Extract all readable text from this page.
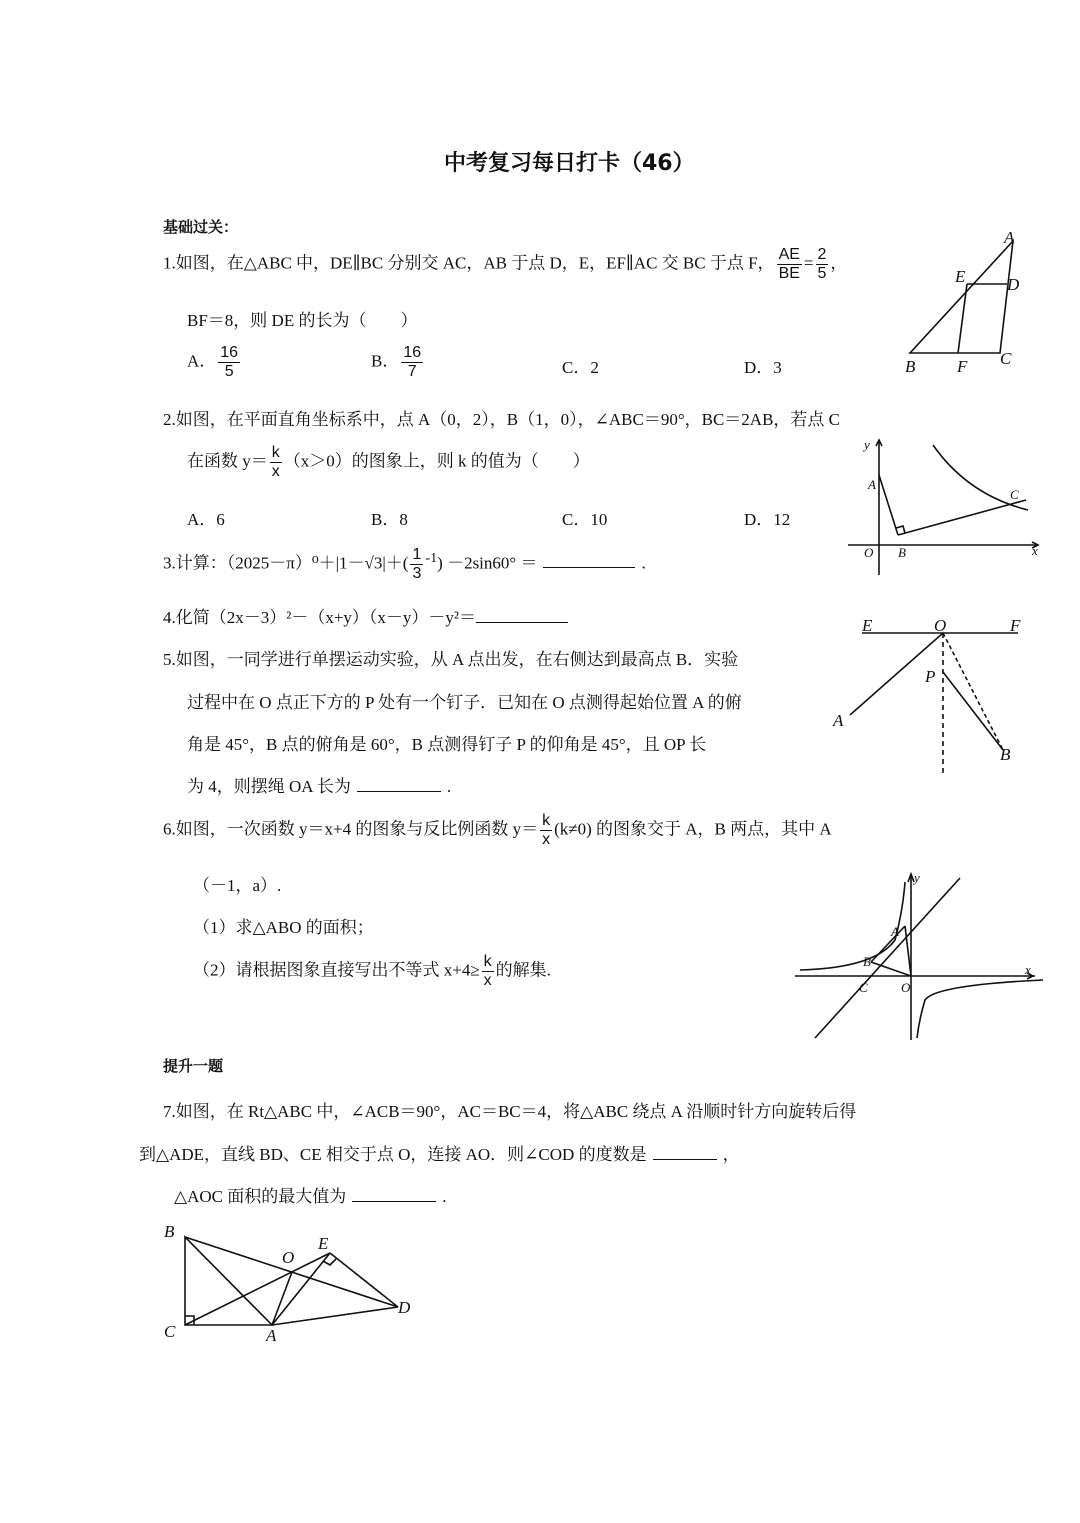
中考复习每日打卡（46）
基础过关：
1.如图，在△ABC 中，DE∥BC 分别交 AC，AB 于点 D，E，EF∥AC 交 BC 于点 F， $\frac{AE}{BE} = \frac{2}{5}$ ，
BF＝8，则 DE 的长为（　　）
A． $\frac{16}{5}$	B． $\frac{16}{7}$	C．2	D．3
A
E D
B F C
2.如图，在平面直角坐标系中，点 A（0，2），B（1，0），∠ABC＝90°，BC＝2AB，若点 C
在函数 $y= \frac{k}{x} (x>0)$的图象上，则 k 的值为（　　）
A．6	B．8	C．10	D．12
y
A
C
O B	x
3.计算：$(2025-\pi)^0+|1-√3|+( \frac{1}{3} ^{-1}) -2\sin 60^\circ$ ＝	.
4.化简（2x－3）²－（x+y）（x－y）－y²＝
5.如图，一同学进行单摆运动实验，从 A 点出发，在右侧达到最高点 B．实验
过程中在 O 点正下方的 P 处有一个钉子．已知在 O 点测得起始位置 A 的俯
角是 45°，B 点的俯角是 60°，B 点测得钉子 P 的仰角是 45°，且 OP 长
为 4，则摆绳 OA 长为	.
E	O	F
P
A
B
6.如图，一次函数 y＝x+4 的图象与反比例函数 $y= \frac{k}{x} (k\ne 0)$ 的图象交于 A，B 两点，其中 A
（－1，a）.
（1）求△ABO 的面积；
（2）请根据图象直接写出不等式 $x+4\ge \frac{k}{x}$ 的解集.
y
A
B
C	O
x
提升一题
7.如图，在 Rt△ABC 中，∠ACB＝90°，AC＝BC＝4，将△ABC 绕点 A 沿顺时针方向旋转后得
到△ADE，直线 BD、CE 相交于点 O，连接 AO．则∠COD 的度数是	，
△AOC 面积的最大值为	.
B
O
E
C	A
D
